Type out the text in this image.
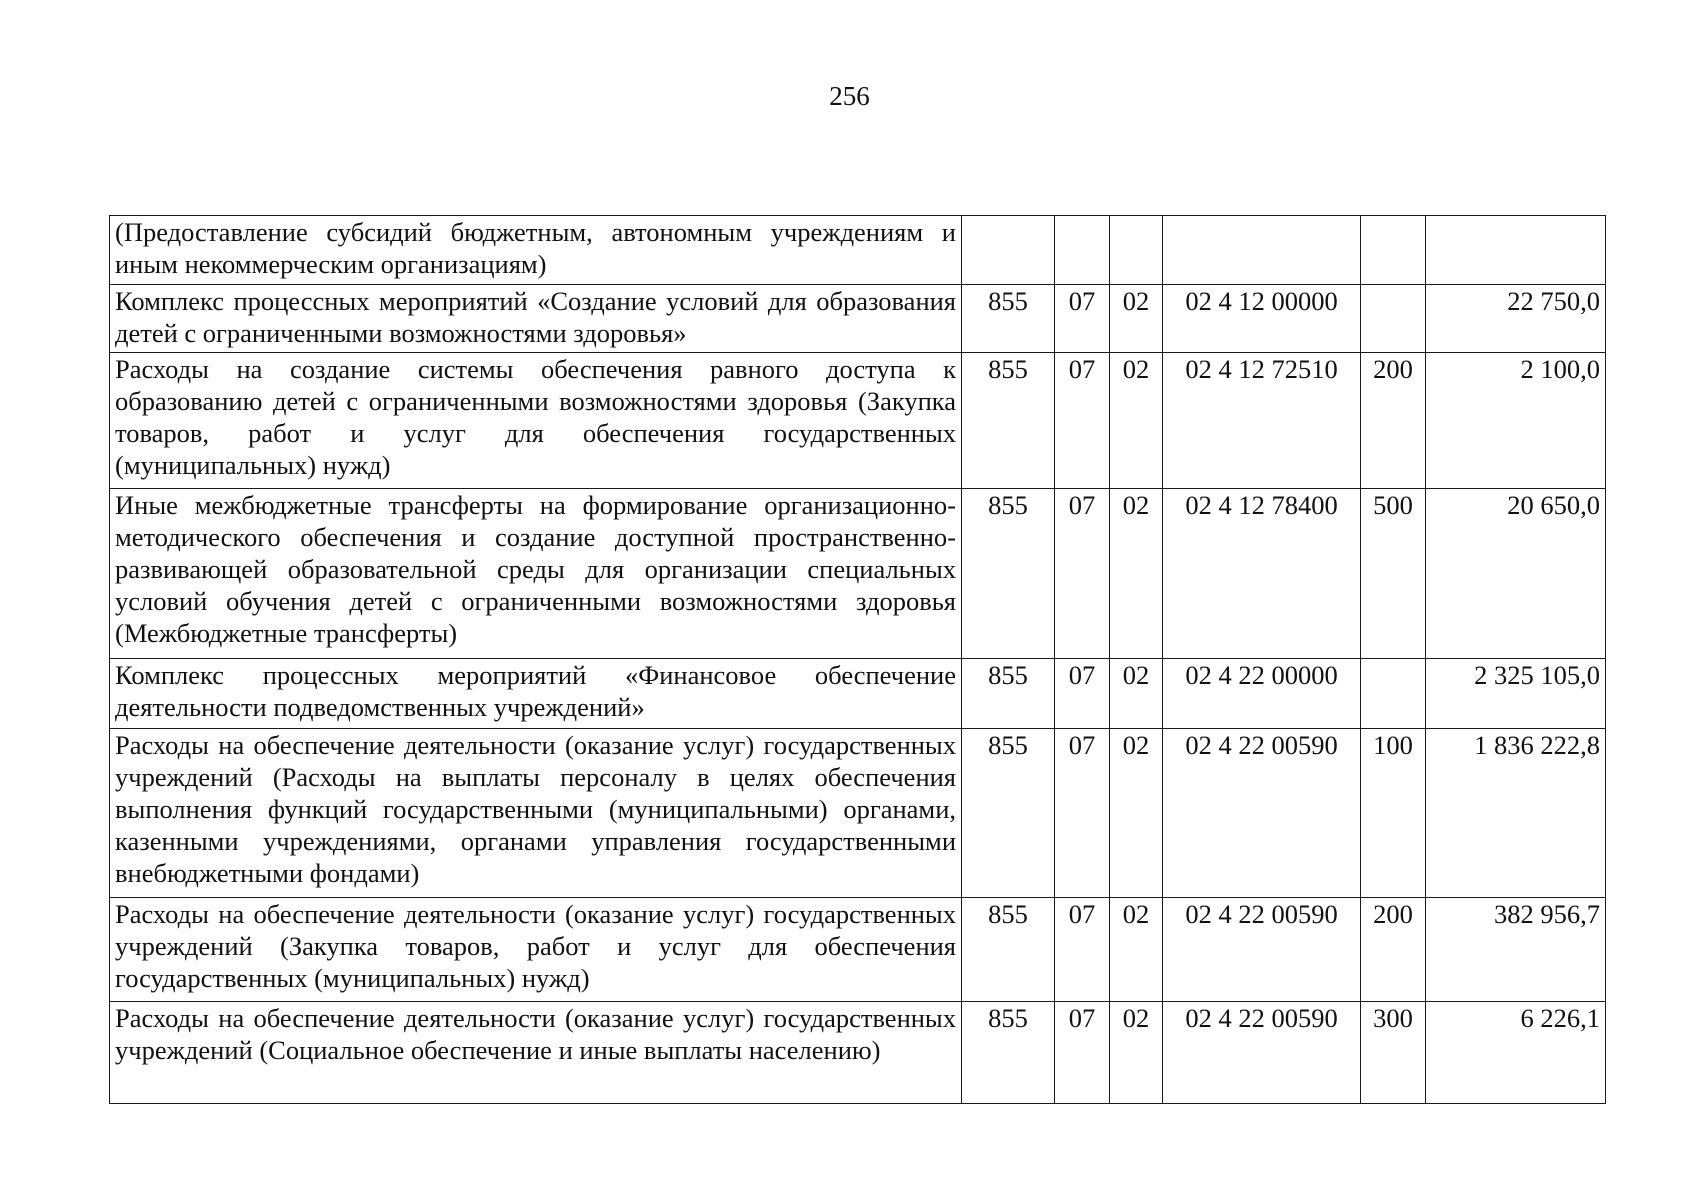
256
(Предоставление субсидий бюджетным, автономным учреждениям и иным некоммерческим организациям)						
Комплекс процессных мероприятий «Создание условий для образования детей с ограниченными возможностями здоровья»	855	07	02	02 4 12 00000		22 750,0
Расходы на создание системы обеспечения равного доступа к образованию детей с ограниченными возможностями здоровья (Закупка товаров, работ и услуг для обеспечения государственных (муниципальных) нужд)	855	07	02	02 4 12 72510	200	2 100,0
Иные межбюджетные трансферты на формирование организационно-методического обеспечения и создание доступной пространственно-развивающей образовательной среды для организации специальных условий обучения детей с ограниченными возможностями здоровья (Межбюджетные трансферты)	855	07	02	02 4 12 78400	500	20 650,0
Комплекс процессных мероприятий «Финансовое обеспечение деятельности подведомственных учреждений»	855	07	02	02 4 22 00000		2 325 105,0
Расходы на обеспечение деятельности (оказание услуг) государственных учреждений (Расходы на выплаты персоналу в целях обеспечения выполнения функций государственными (муниципальными) органами, казенными учреждениями, органами управления государственными внебюджетными фондами)	855	07	02	02 4 22 00590	100	1 836 222,8
Расходы на обеспечение деятельности (оказание услуг) государственных учреждений (Закупка товаров, работ и услуг для обеспечения государственных (муниципальных) нужд)	855	07	02	02 4 22 00590	200	382 956,7
Расходы на обеспечение деятельности (оказание услуг) государственных учреждений (Социальное обеспечение и иные выплаты населению)	855	07	02	02 4 22 00590	300	6 226,1
